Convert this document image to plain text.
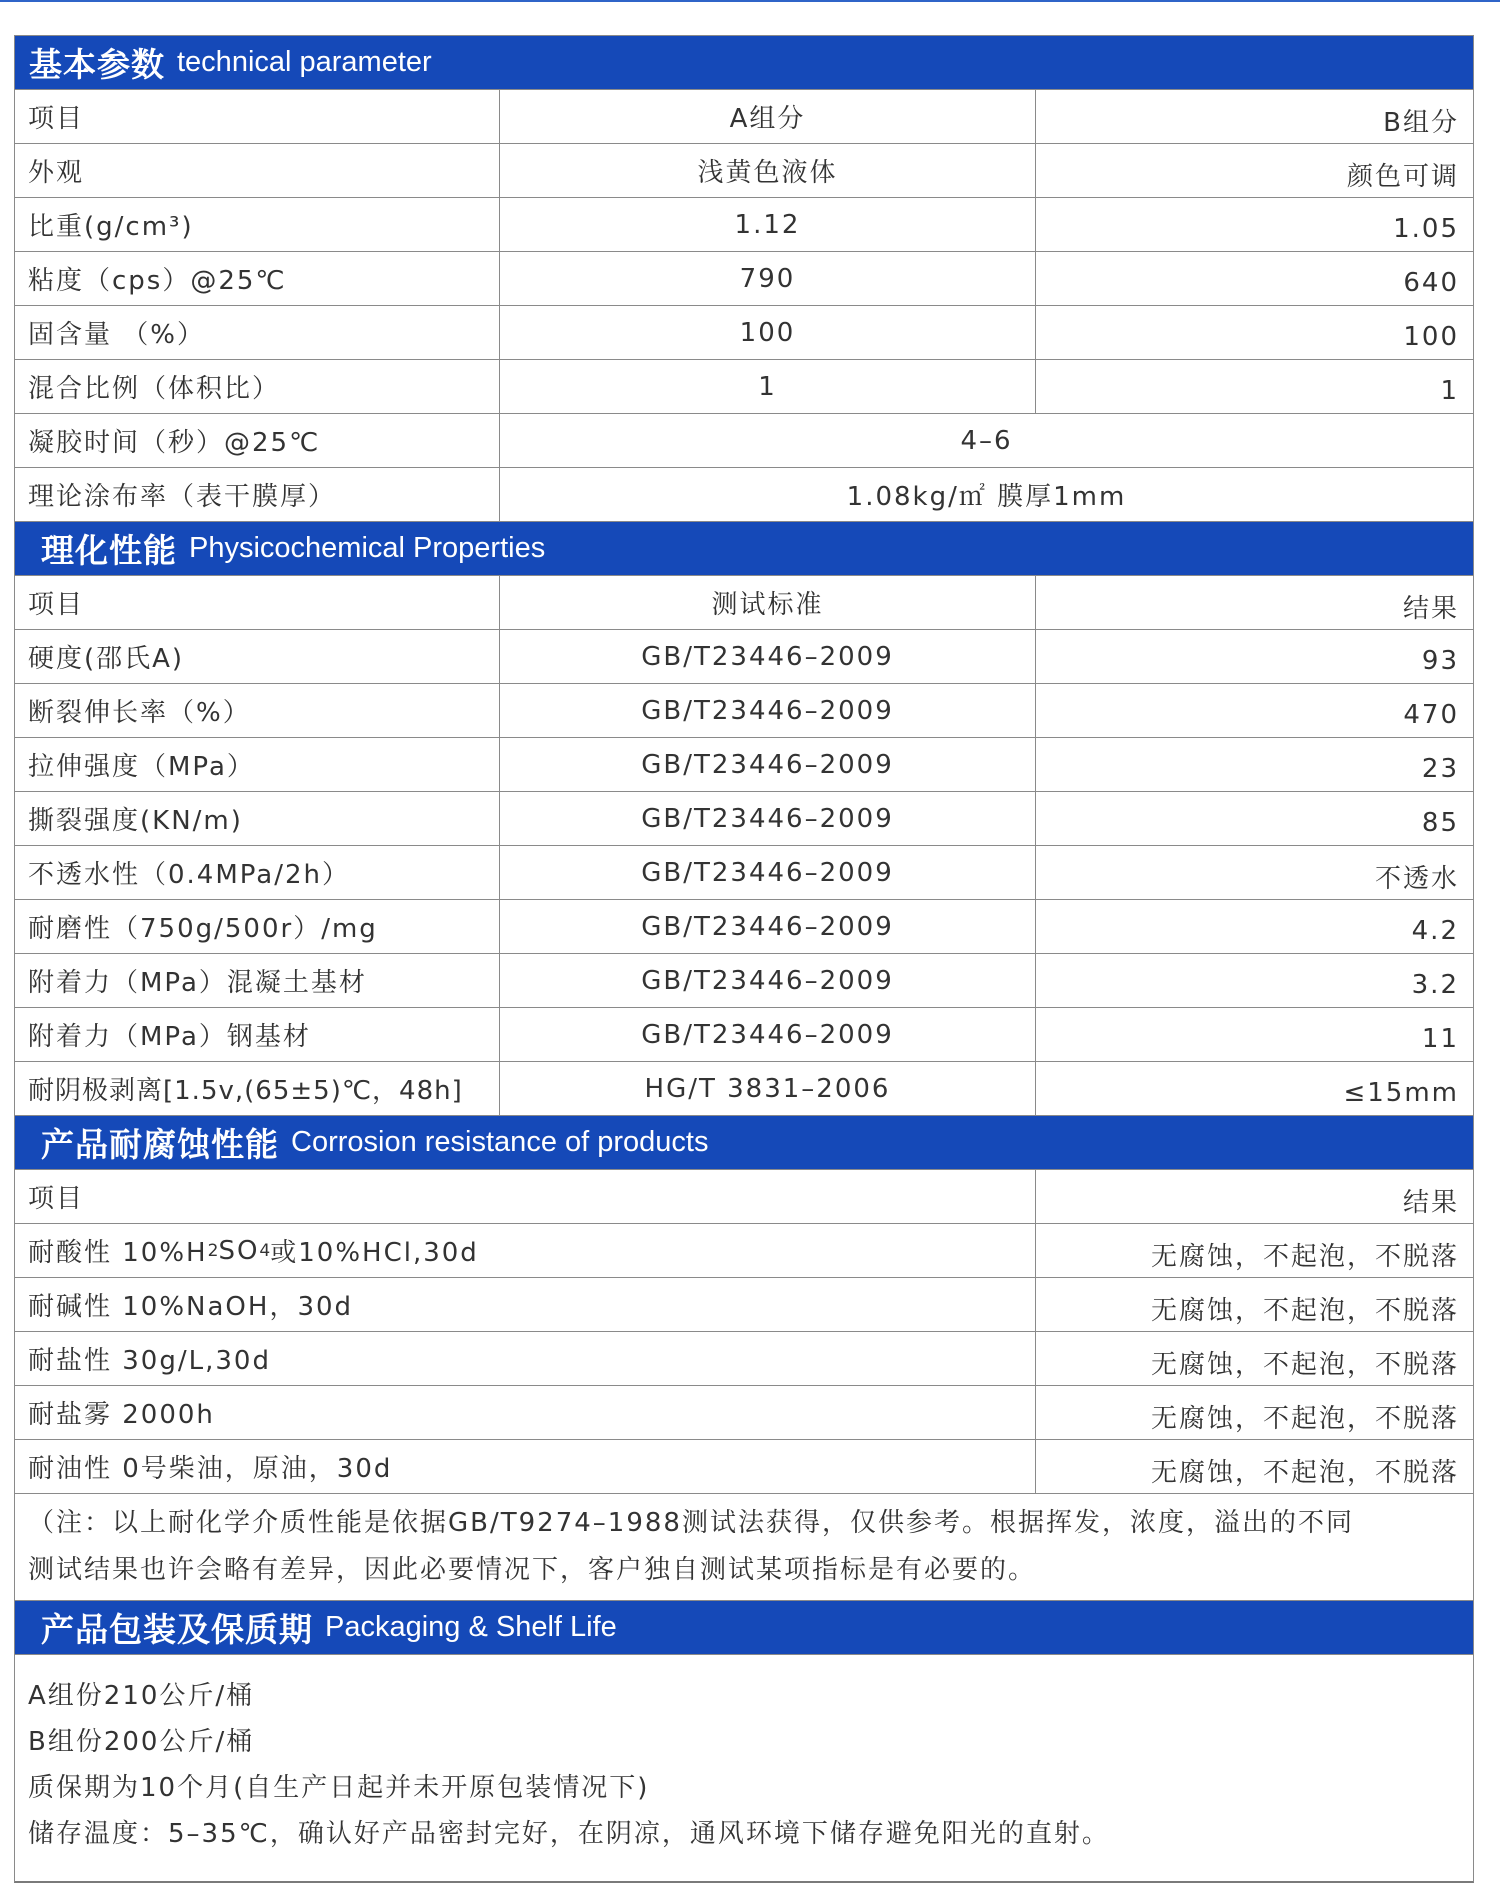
基本参数 technical parameter
项目	A组分	B组分
外观	浅黄色液体	颜色可调
比重(g/cm³)	1.12	1.05
粘度（cps）@25℃	790	640
固含量 （%）	100	100
混合比例（体积比）	1	1
凝胶时间（秒）@25℃	4–6
理论涂布率（表干膜厚）	1.08kg/㎡ 膜厚1mm
理化性能 Physicochemical Properties
项目	测试标准	结果
硬度(邵氏A)	GB/T23446–2009	93
断裂伸长率（%）	GB/T23446–2009	470
拉伸强度（MPa）	GB/T23446–2009	23
撕裂强度(KN/m)	GB/T23446–2009	85
不透水性（0.4MPa/2h）	GB/T23446–2009	不透水
耐磨性（750g/500r）/mg	GB/T23446–2009	4.2
附着力（MPa）混凝土基材	GB/T23446–2009	3.2
附着力（MPa）钢基材	GB/T23446–2009	11
耐阴极剥离[1.5v,(65±5)℃，48h]	HG/T 3831–2006	≤15mm
产品耐腐蚀性能 Corrosion resistance of products
项目	结果
耐酸性 10%H 2 SO 4 或10%HCl,30d	无腐蚀，不起泡，不脱落
耐碱性 10%NaOH，30d	无腐蚀，不起泡，不脱落
耐盐性 30g/L,30d	无腐蚀，不起泡，不脱落
耐盐雾 2000h	无腐蚀，不起泡，不脱落
耐油性 0号柴油，原油，30d	无腐蚀，不起泡，不脱落

（注：以上耐化学介质性能是依据GB/T9274–1988测试法获得，仅供参考。根据挥发，浓度，溢出的不同

测试结果也许会略有差异，因此必要情况下，客户独自测试某项指标是有必要的。

产品包装及保质期 Packaging & Shelf Life

A组份210公斤/桶

B组份200公斤/桶

质保期为10个月(自生产日起并未开原包装情况下)

储存温度：5–35℃，确认好产品密封完好，在阴凉，通风环境下储存避免阳光的直射。
